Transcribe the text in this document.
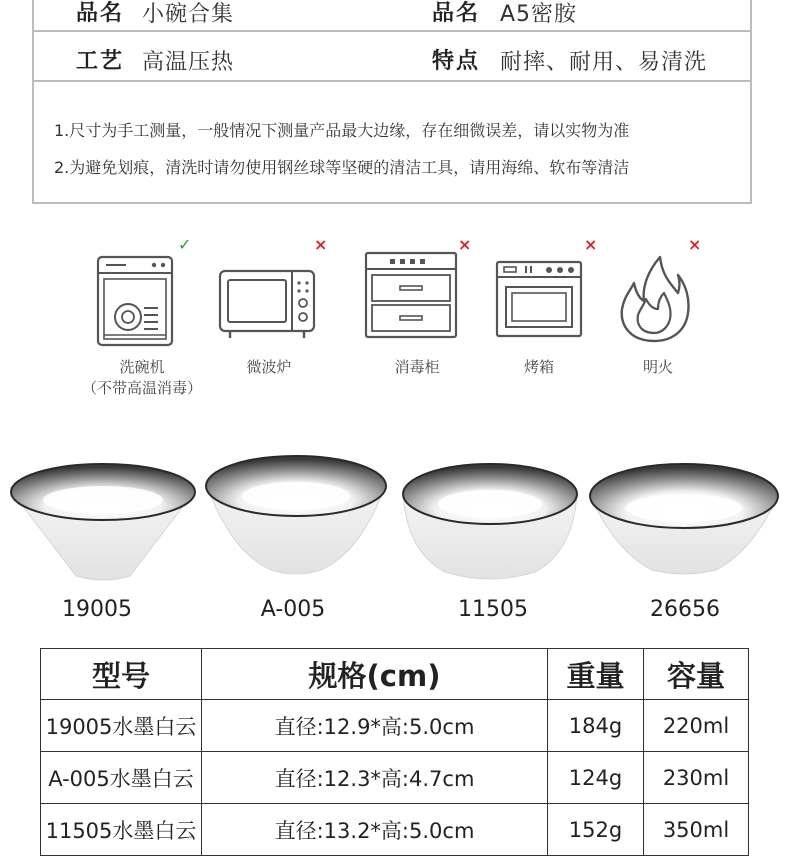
品名 小碗合集	品名 A5密胺
工艺 高温压热	特点 耐摔、耐用、易清洗
1.尺寸为手工测量，一般情况下测量产品最大边缘，存在细微误差，请以实物为准
2.为避免划痕，清洗时请勿使用钢丝球等坚硬的清洁工具，请用海绵、软布等清洁
✓
洗碗机
（不带高温消毒）
×
微波炉
×
消毒柜
×
烤箱
×
明火
19005	A-005	11505	26656
型号	规格(cm)	重量	容量
19005水墨白云	直径:12.9*高:5.0cm	184g	220ml
A-005水墨白云	直径:12.3*高:4.7cm	124g	230ml
11505水墨白云	直径:13.2*高:5.0cm	152g	350ml
